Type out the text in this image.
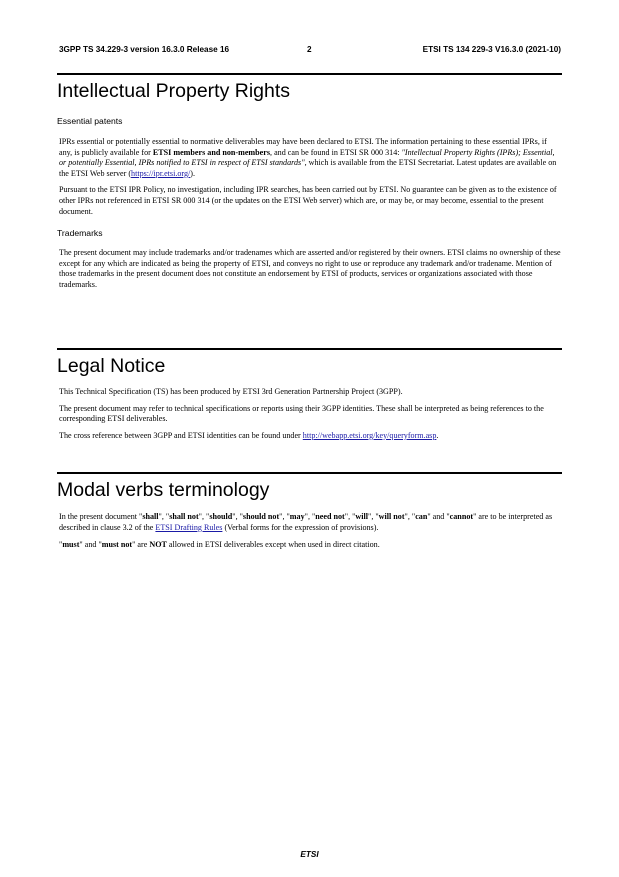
3GPP TS 34.229-3 version 16.3.0 Release 16	2	ETSI TS 134 229-3 V16.3.0 (2021-10)
Intellectual Property Rights
Essential patents

IPRs essential or potentially essential to normative deliverables may have been declared to ETSI. The information pertaining to these essential IPRs, if any, is publicly available for ETSI members and non-members, and can be found in ETSI SR 000 314: "Intellectual Property Rights (IPRs); Essential, or potentially Essential, IPRs notified to ETSI in respect of ETSI standards", which is available from the ETSI Secretariat. Latest updates are available on the ETSI Web server (https://ipr.etsi.org/).

Pursuant to the ETSI IPR Policy, no investigation, including IPR searches, has been carried out by ETSI. No guarantee can be given as to the existence of other IPRs not referenced in ETSI SR 000 314 (or the updates on the ETSI Web server) which are, or may be, or may become, essential to the present document.

Trademarks

The present document may include trademarks and/or tradenames which are asserted and/or registered by their owners. ETSI claims no ownership of these except for any which are indicated as being the property of ETSI, and conveys no right to use or reproduce any trademark and/or tradename. Mention of those trademarks in the present document does not constitute an endorsement by ETSI of products, services or organizations associated with those trademarks.

Legal Notice

This Technical Specification (TS) has been produced by ETSI 3rd Generation Partnership Project (3GPP).

The present document may refer to technical specifications or reports using their 3GPP identities. These shall be interpreted as being references to the corresponding ETSI deliverables.

The cross reference between 3GPP and ETSI identities can be found under http://webapp.etsi.org/key/queryform.asp.

Modal verbs terminology

In the present document "shall", "shall not", "should", "should not", "may", "need not", "will", "will not", "can" and "cannot" are to be interpreted as described in clause 3.2 of the ETSI Drafting Rules (Verbal forms for the expression of provisions).

"must" and "must not" are NOT allowed in ETSI deliverables except when used in direct citation.

ETSI
